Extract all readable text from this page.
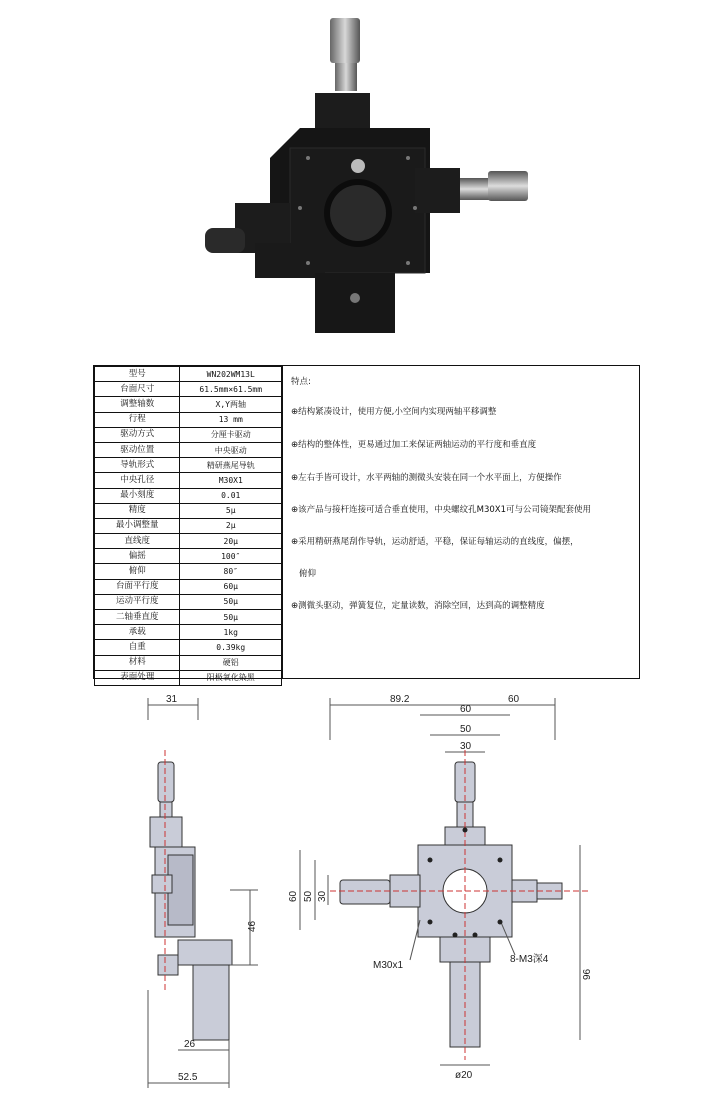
型号	WN202WM13L
台面尺寸	61.5mm×61.5mm
调整轴数	X,Y两轴
行程	13 mm
驱动方式	分厘卡驱动
驱动位置	中央驱动
导轨形式	精研燕尾导轨
中央孔径	M30X1
最小刻度	0.01
精度	5μ
最小调整量	2μ
直线度	20μ
偏摇	100″
俯仰	80″
台面平行度	60μ
运动平行度	50μ
二轴垂直度	50μ
承载	1kg
自重	0.39kg
材料	硬铝
表面处理	阳极氧化染黑
特点:
⊕结构紧凑设计，使用方便,小空间内实现两轴平移调整
⊕结构的整体性，更易通过加工来保证两轴运动的平行度和垂直度
⊕左右手皆可设计，水平两轴的测微头安装在同一个水平面上，方便操作
⊕该产品与接杆连接可适合垂直使用，中央螺纹孔M30X1可与公司镜架配套使用
⊕采用精研燕尾刮作导轨，运动舒适，平稳，保证每轴运动的直线度，偏摆，
俯仰
⊕测微头驱动，弹簧复位，定量读数，消除空回，达到高的调整精度
31
46
26
52.5
89.2	60
60
50
30
60 50 30
96
M30x1
8-M3深4
ø20
